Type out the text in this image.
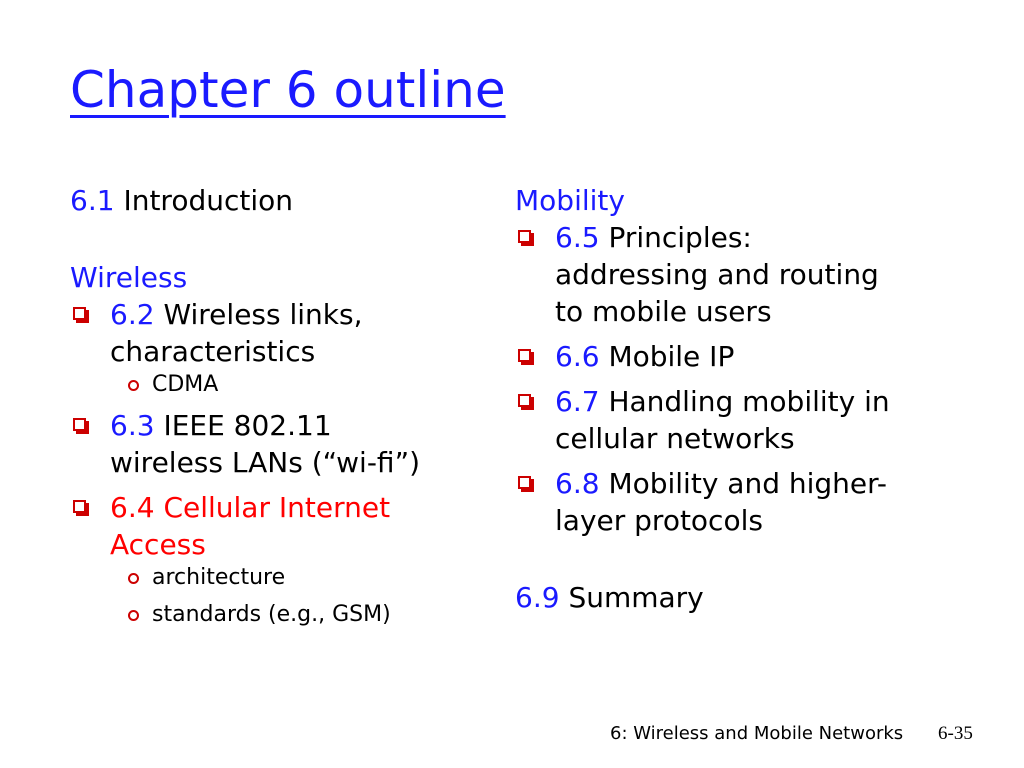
Chapter 6 outline
6.1 Introduction
Wireless
6.2 Wireless links,
characteristics
CDMA
6.3 IEEE 802.11
wireless LANs (“wi-fi”)
6.4 Cellular Internet
Access
architecture
standards (e.g., GSM)
Mobility
6.5 Principles:
addressing and routing
to mobile users
6.6 Mobile IP
6.7 Handling mobility in
cellular networks
6.8 Mobility and higher-
layer protocols
6.9 Summary
6: Wireless and Mobile Networks 6-35
